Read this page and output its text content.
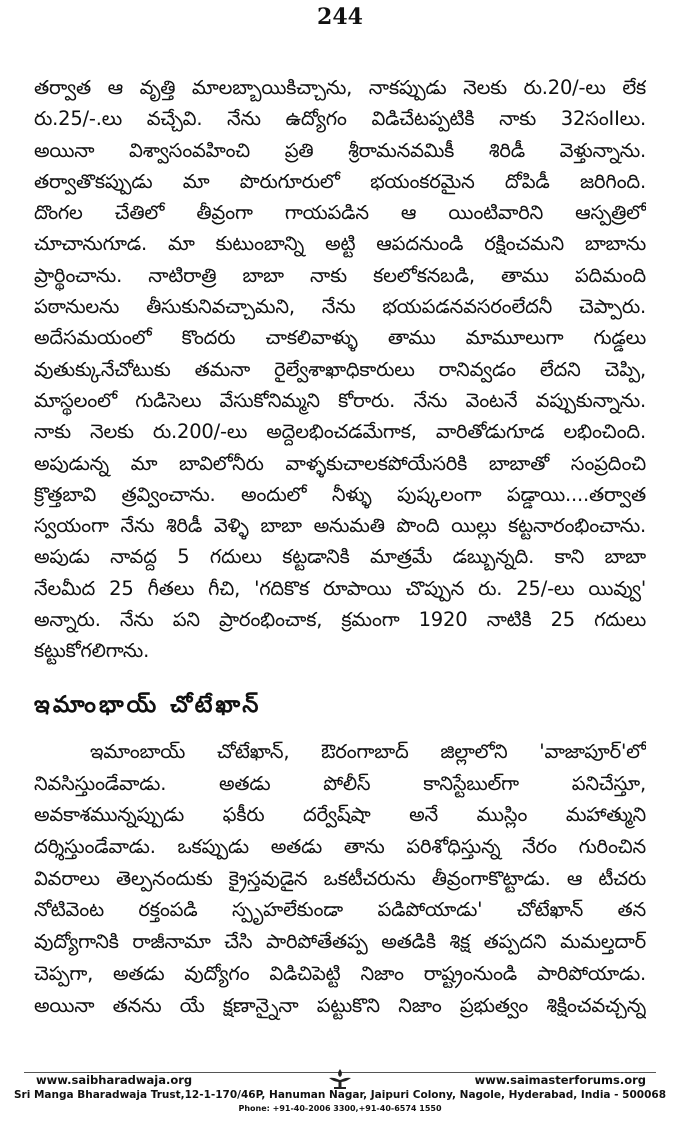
244
తర్వాత ఆ వృత్తి మాలబ్బాయికిచ్చాను, నాకప్పుడు నెలకు రు.20/-లు లేక
రు.25/-.లు వచ్చేవి. నేను ఉద్యోగం విడిచేటప్పటికి నాకు 32సంIIలు.
అయినా విశ్వాసంవహించి ప్రతి శ్రీరామనవమికీ శిరిడీ వెళ్తున్నాను.
తర్వాతొకప్పుడు మా పొరుగూరులో భయంకరమైన దోపిడీ జరిగింది.
దొంగల చేతిలో తీవ్రంగా గాయపడిన ఆ యింటివారిని ఆస్పత్రిలో
చూచానుగూడ. మా కుటుంబాన్ని అట్టి ఆపదనుండి రక్షించమని బాబాను
ప్రార్థించాను. నాటిరాత్రి బాబా నాకు కలలోకనబడి, తాము పదిమంది
పఠానులను తీసుకునివచ్చామని, నేను భయపడనవసరంలేదనీ చెప్పారు.
అదేసమయంలో కొందరు చాకలివాళ్ళు తాము మామూలుగా గుడ్డలు
వుతుక్కునేచోటుకు తమనా రైల్వేశాఖాధికారులు రానివ్వడం లేదని చెప్పి,
మాస్థలంలో గుడిసెలు వేసుకోనిమ్మని కోరారు. నేను వెంటనే వప్పుకున్నాను.
నాకు నెలకు రు.200/-లు అద్దెలభించడమేగాక, వారితోడుగూడ లభించింది.
అపుడున్న మా బావిలోనీరు వాళ్ళకుచాలకపోయేసరికి బాబాతో సంప్రదించి
క్రొత్తబావి త్రవ్వించాను. అందులో నీళ్ళు పుష్కలంగా పడ్డాయి....తర్వాత
స్వయంగా నేను శిరిడీ వెళ్ళి బాబా అనుమతి పొంది యిల్లు కట్టనారంభించాను.
అపుడు నావద్ద 5 గదులు కట్టడానికి మాత్రమే డబ్బున్నది. కాని బాబా
నేలమీద 25 గీతలు గీచి, 'గదికొక రూపాయి చొప్పున రు. 25/-లు యివ్వు'
అన్నారు. నేను పని ప్రారంభించాక, క్రమంగా 1920 నాటికి 25 గదులు
కట్టుకోగలిగాను.
ఇమాంభాయ్ చోటేఖాన్
ఇమాంబాయ్ చోటేఖాన్, ఔరంగాబాద్ జిల్లాలోని 'వాజాపూర్'లో
నివసిస్తుండేవాడు. అతడు పోలీస్ కానిస్టేబుల్‌గా పనిచేస్తూ,
అవకాశమున్నప్పుడు ఫకీరు దర్వేష్‌షా అనే ముస్లిం మహాత్ముని
దర్శిస్తుండేవాడు. ఒకప్పుడు అతడు తాను పరిశోధిస్తున్న నేరం గురించిన
వివరాలు తెల్పనందుకు క్రైస్తవుడైన ఒకటీచరును తీవ్రంగాకొట్టాడు. ఆ టీచరు
నోటివెంట రక్తంపడి స్పృహలేకుండా పడిపోయాడు' చోటేఖాన్ తన
వుద్యోగానికి రాజీనామా చేసి పారిపోతేతప్ప అతడికి శిక్ష తప్పదని మమల్తదార్
చెప్పగా, అతడు వుద్యోగం విడిచిపెట్టి నిజాం రాష్ట్రంనుండి పారిపోయాడు.
అయినా తనను యే క్షణాన్నైనా పట్టుకొని నిజాం ప్రభుత్వం శిక్షించవచ్చన్న
www.saibharadwaja.org	www.saimasterforums.org
Sri Manga Bharadwaja Trust,12-1-170/46P, Hanuman Nagar, Jaipuri Colony, Nagole, Hyderabad, India - 500068
Phone: +91-40-2006 3300,+91-40-6574 1550
